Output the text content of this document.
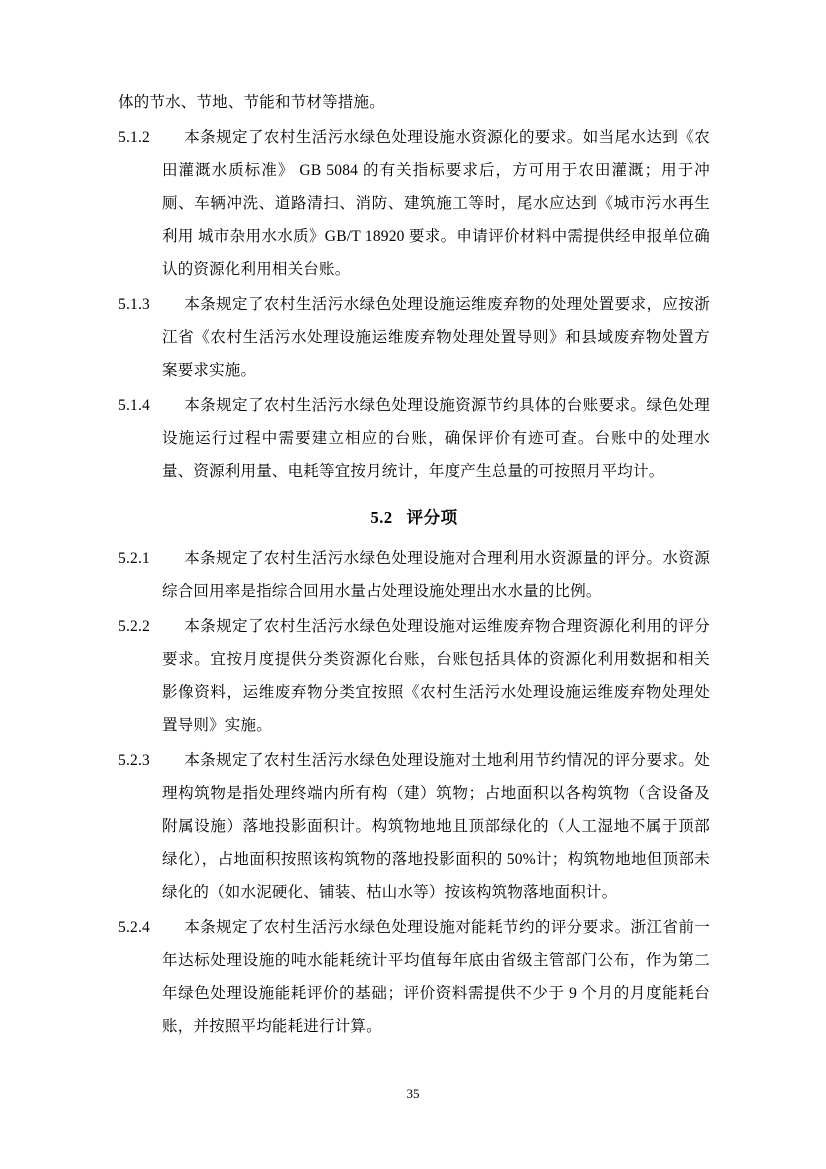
体的节水、节地、节能和节材等措施。

5.1.2 本条规定了农村生活污水绿色处理设施水资源化的要求。如当尾水达到《农田灌溉水质标准》 GB 5084 的有关指标要求后，方可用于农田灌溉；用于冲厕、车辆冲洗、道路清扫、消防、建筑施工等时，尾水应达到《城市污水再生利用 城市杂用水水质》GB/T 18920 要求。申请评价材料中需提供经申报单位确认的资源化利用相关台账。

5.1.3 本条规定了农村生活污水绿色处理设施运维废弃物的处理处置要求，应按浙江省《农村生活污水处理设施运维废弃物处理处置导则》和县域废弃物处置方案要求实施。

5.1.4 本条规定了农村生活污水绿色处理设施资源节约具体的台账要求。绿色处理设施运行过程中需要建立相应的台账，确保评价有迹可查。台账中的处理水量、资源利用量、电耗等宜按月统计，年度产生总量的可按照月平均计。

5.2 评分项

5.2.1 本条规定了农村生活污水绿色处理设施对合理利用水资源量的评分。水资源综合回用率是指综合回用水量占处理设施处理出水水量的比例。

5.2.2 本条规定了农村生活污水绿色处理设施对运维废弃物合理资源化利用的评分要求。宜按月度提供分类资源化台账，台账包括具体的资源化利用数据和相关影像资料，运维废弃物分类宜按照《农村生活污水处理设施运维废弃物处理处置导则》实施。

5.2.3 本条规定了农村生活污水绿色处理设施对土地利用节约情况的评分要求。处理构筑物是指处理终端内所有构（建）筑物；占地面积以各构筑物（含设备及附属设施）落地投影面积计。构筑物地地且顶部绿化的（人工湿地不属于顶部绿化），占地面积按照该构筑物的落地投影面积的 50%计；构筑物地地但顶部未绿化的（如水泥硬化、铺装、枯山水等）按该构筑物落地面积计。

5.2.4 本条规定了农村生活污水绿色处理设施对能耗节约的评分要求。浙江省前一年达标处理设施的吨水能耗统计平均值每年底由省级主管部门公布，作为第二年绿色处理设施能耗评价的基础；评价资料需提供不少于 9 个月的月度能耗台账，并按照平均能耗进行计算。

35
